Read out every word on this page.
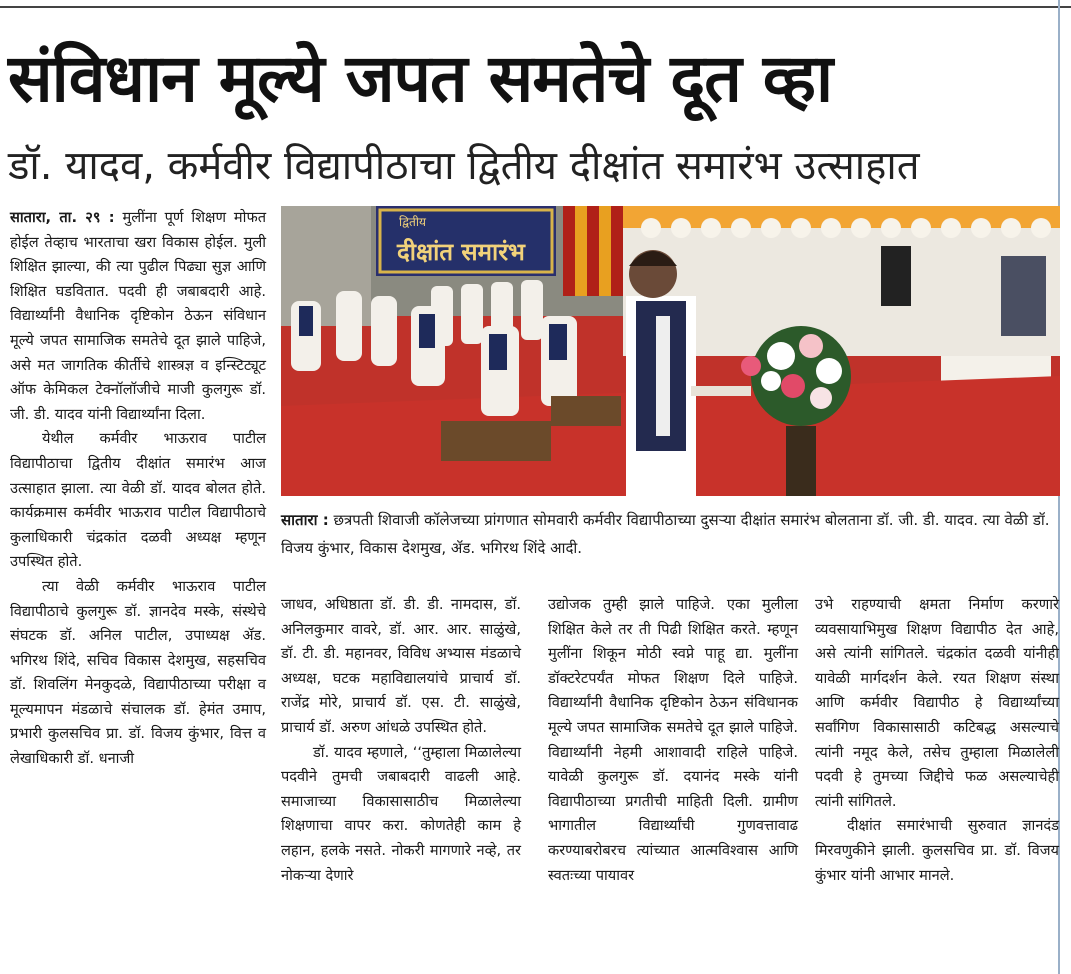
संविधान मूल्ये जपत समतेचे दूत व्हा
डॉ. यादव, कर्मवीर विद्यापीठाचा द्वितीय दीक्षांत समारंभ उत्साहात

सातारा, ता. २९ : मुलींना पूर्ण शिक्षण मोफत होईल तेव्हाच भारताचा खरा विकास होईल. मुली शिक्षित झाल्या, की त्या पुढील पिढ्या सुज्ञ आणि शिक्षित घडवितात. पदवी ही जबाबदारी आहे. विद्यार्थ्यांनी वैधानिक दृष्टिकोन ठेऊन संविधान मूल्ये जपत सामाजिक समतेचे दूत झाले पाहिजे, असे मत जागतिक कीर्तीचे शास्त्रज्ञ व इन्स्टिट्यूट ऑफ केमिकल टेक्नॉलॉजीचे माजी कुलगुरू डॉ. जी. डी. यादव यांनी विद्यार्थ्यांना दिला.

येथील कर्मवीर भाऊराव पाटील विद्यापीठाचा द्वितीय दीक्षांत समारंभ आज उत्साहात झाला. त्या वेळी डॉ. यादव बोलत होते. कार्यक्रमास कर्मवीर भाऊराव पाटील विद्यापीठाचे कुलाधिकारी चंद्रकांत दळवी अध्यक्ष म्हणून उपस्थित होते.

त्या वेळी कर्मवीर भाऊराव पाटील विद्यापीठाचे कुलगुरू डॉ. ज्ञानदेव मस्के, संस्थेचे संघटक डॉ. अनिल पाटील, उपाध्यक्ष ॲड. भगिरथ शिंदे, सचिव विकास देशमुख, सहसचिव डॉ. शिवलिंग मेनकुदळे, विद्यापीठाच्या परीक्षा व मूल्यमापन मंडळाचे संचालक डॉ. हेमंत उमाप, प्रभारी कुलसचिव प्रा. डॉ. विजय कुंभार, वित्त व लेखाधिकारी डॉ. धनाजी

द्वितीय
दीक्षांत समारंभ
सातारा : छत्रपती शिवाजी कॉलेजच्या प्रांगणात सोमवारी कर्मवीर विद्यापीठाच्या दुसऱ्या दीक्षांत समारंभ बोलताना डॉ. जी. डी. यादव. त्या वेळी डॉ. विजय कुंभार, विकास देशमुख, ॲड. भगिरथ शिंदे आदी.

जाधव, अधिष्ठाता डॉ. डी. डी. नामदास, डॉ. अनिलकुमार वावरे, डॉ. आर. आर. साळुंखे, डॉ. टी. डी. महानवर, विविध अभ्यास मंडळाचे अध्यक्ष, घटक महाविद्यालयांचे प्राचार्य डॉ. राजेंद्र मोरे, प्राचार्य डॉ. एस. टी. साळुंखे, प्राचार्य डॉ. अरुण आंधळे उपस्थित होते.

डॉ. यादव म्हणाले, ‘‘तुम्हाला मिळालेल्या पदवीने तुमची जबाबदारी वाढली आहे. समाजाच्या विकासासाठीच मिळालेल्या शिक्षणाचा वापर करा. कोणतेही काम हे लहान, हलके नसते. नोकरी मागणारे नव्हे, तर नोकऱ्या देणारे

उद्योजक तुम्ही झाले पाहिजे. एका मुलीला शिक्षित केले तर ती पिढी शिक्षित करते. म्हणून मुलींना शिकून मोठी स्वप्ने पाहू द्या. मुलींना डॉक्टरेटपर्यंत मोफत शिक्षण दिले पाहिजे. विद्यार्थ्यांनी वैधानिक दृष्टिकोन ठेऊन संविधानक मूल्ये जपत सामाजिक समतेचे दूत झाले पाहिजे. विद्यार्थ्यांनी नेहमी आशावादी राहिले पाहिजे. यावेळी कुलगुरू डॉ. दयानंद मस्के यांनी विद्यापीठाच्या प्रगतीची माहिती दिली. ग्रामीण भागातील विद्यार्थ्यांची गुणवत्तावाढ करण्याबरोबरच त्यांच्यात आत्मविश्वास आणि स्वतःच्या पायावर

उभे राहण्याची क्षमता निर्माण करणारे व्यवसायाभिमुख शिक्षण विद्यापीठ देत आहे, असे त्यांनी सांगितले. चंद्रकांत दळवी यांनीही यावेळी मार्गदर्शन केले. रयत शिक्षण संस्था आणि कर्मवीर विद्यापीठ हे विद्यार्थ्यांच्या सर्वांगिण विकासासाठी कटिबद्ध असल्याचे त्यांनी नमूद केले, तसेच तुम्हाला मिळालेली पदवी हे तुमच्या जिद्दीचे फळ असल्याचेही त्यांनी सांगितले.

दीक्षांत समारंभाची सुरुवात ज्ञानदंड मिरवणुकीने झाली. कुलसचिव प्रा. डॉ. विजय कुंभार यांनी आभार मानले.
